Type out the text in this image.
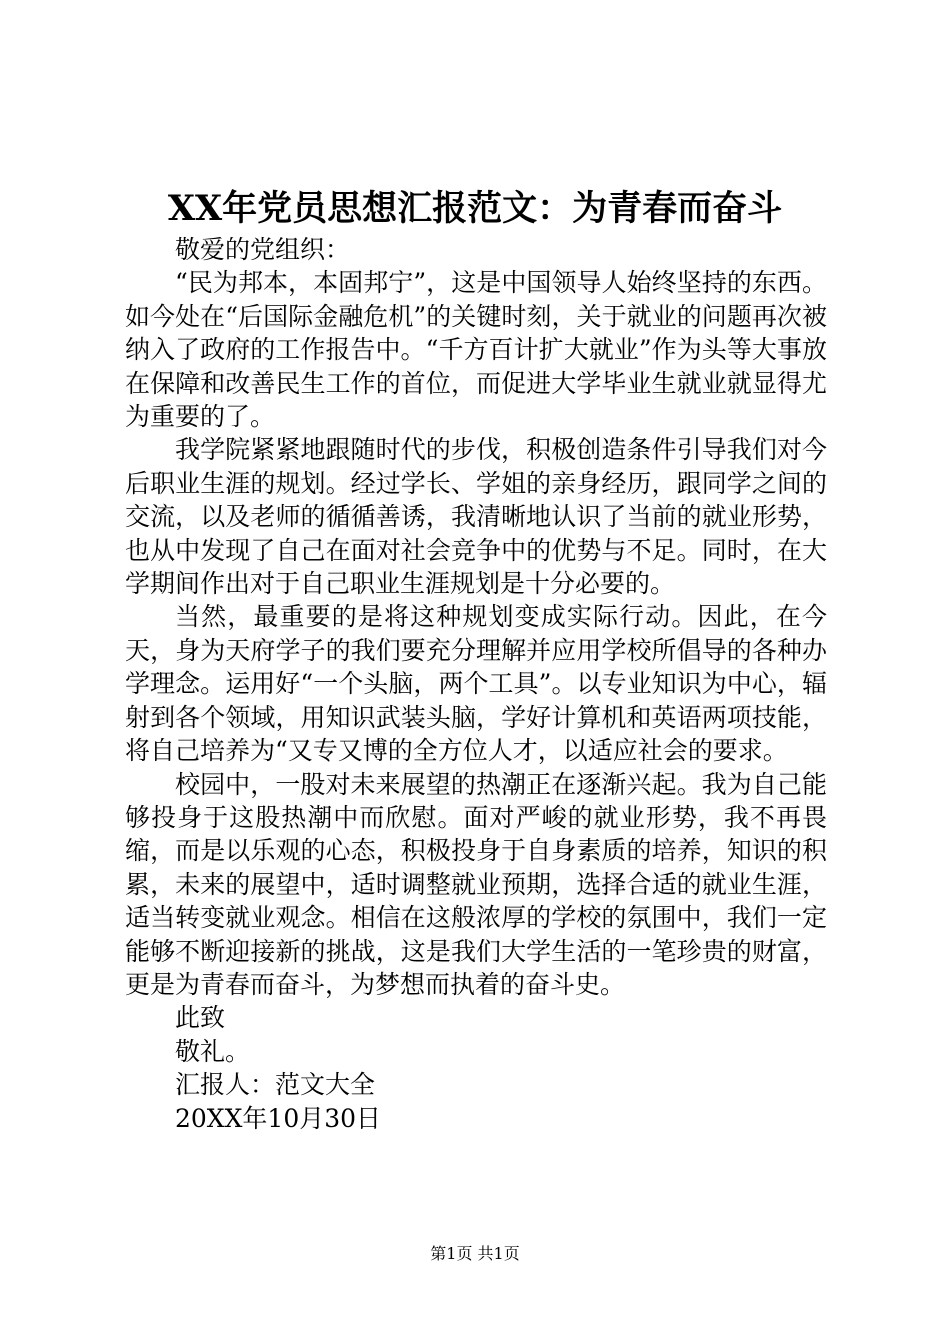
XX年党员思想汇报范文：为青春而奋斗

敬爱的党组织：

“民为邦本，本固邦宁”，这是中国领导人始终坚持的东西。如今处在“后国际金融危机”的关键时刻，关于就业的问题再次被纳入了政府的工作报告中。“千方百计扩大就业”作为头等大事放在保障和改善民生工作的首位，而促进大学毕业生就业就显得尤为重要的了。

我学院紧紧地跟随时代的步伐，积极创造条件引导我们对今后职业生涯的规划。经过学长、学姐的亲身经历，跟同学之间的交流，以及老师的循循善诱，我清晰地认识了当前的就业形势，也从中发现了自己在面对社会竞争中的优势与不足。同时，在大学期间作出对于自己职业生涯规划是十分必要的。

当然，最重要的是将这种规划变成实际行动。因此，在今天，身为天府学子的我们要充分理解并应用学校所倡导的各种办学理念。运用好“一个头脑，两个工具”。以专业知识为中心，辐射到各个领域，用知识武装头脑，学好计算机和英语两项技能，将自己培养为“又专又博的全方位人才，以适应社会的要求。

校园中，一股对未来展望的热潮正在逐渐兴起。我为自己能够投身于这股热潮中而欣慰。面对严峻的就业形势，我不再畏缩，而是以乐观的心态，积极投身于自身素质的培养，知识的积累，未来的展望中，适时调整就业预期，选择合适的就业生涯，适当转变就业观念。相信在这般浓厚的学校的氛围中，我们一定能够不断迎接新的挑战，这是我们大学生活的一笔珍贵的财富，更是为青春而奋斗，为梦想而执着的奋斗史。

此致

敬礼。

汇报人：范文大全

20XX年10月30日

第1页 共1页
